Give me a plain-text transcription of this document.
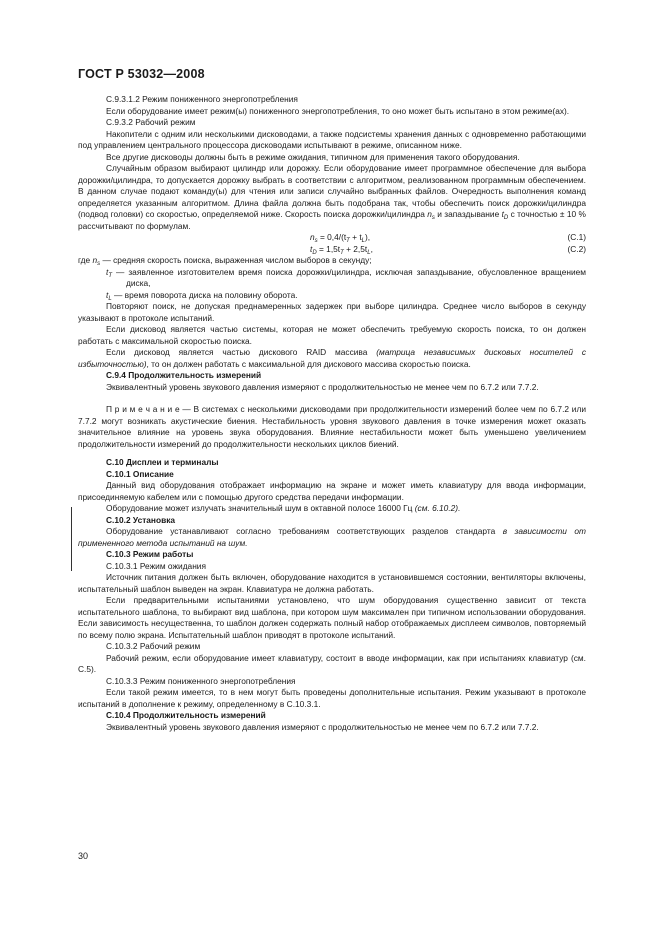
ГОСТ Р 53032—2008

C.9.3.1.2 Режим пониженного энергопотребления

Если оборудование имеет режим(ы) пониженного энергопотребления, то оно может быть испытано в этом режиме(ах).

C.9.3.2 Рабочий режим

Накопители с одним или несколькими дисководами, а также подсистемы хранения данных с одновременно работающими под управлением центрального процессора дисководами испытывают в режиме, описанном ниже.

Все другие дисководы должны быть в режиме ожидания, типичном для применения такого оборудования.

Случайным образом выбирают цилиндр или дорожку. Если оборудование имеет программное обеспечение для выбора дорожки/цилиндра, то допускается дорожку выбрать в соответствии с алгоритмом, реализованном программным обеспечением. В данном случае подают команду(ы) для чтения или записи случайно выбранных файлов. Очередность выполнения команд определяется указанным алгоритмом. Длина файла должна быть подобрана так, чтобы обеспечить поиск дорожки/цилиндра (подвод головки) со скоростью, определяемой ниже. Скорость поиска дорожки/цилиндра $n_s$ и запаздывание $t_D$ с точностью ± 10 % рассчитывают по формулам.

$n_s = 0,4/(t_T + t_L)$,	(C.1)
$t_D = 1,5t_T + 2,5t_L$,	(C.2)

где $n_s$ — средняя скорость поиска, выраженная числом выборов в секунду;

$t_T$ — заявленное изготовителем время поиска дорожки/цилиндра, исключая запаздывание, обусловленное вращением диска,

$t_L$ — время поворота диска на половину оборота.

Повторяют поиск, не допуская преднамеренных задержек при выборе цилиндра. Среднее число выборов в секунду указывают в протоколе испытаний.

Если дисковод является частью системы, которая не может обеспечить требуемую скорость поиска, то он должен работать с максимальной скоростью поиска.

Если дисковод является частью дискового RAID массива (матрица независимых дисковых носителей с избыточностью), то он должен работать с максимальной для дискового массива скоростью поиска.

C.9.4 Продолжительность измерений

Эквивалентный уровень звукового давления измеряют с продолжительностью не менее чем по 6.7.2 или 7.7.2.

П р и м е ч а н и е — В системах с несколькими дисководами при продолжительности измерений более чем по 6.7.2 или 7.7.2 могут возникать акустические биения. Нестабильность уровня звукового давления в точке измерения может оказать значительное влияние на уровень звука оборудования. Влияние нестабильности может быть уменьшено увеличением продолжительности измерений до продолжительности нескольких циклов биений.

C.10 Дисплеи и терминалы

C.10.1 Описание

Данный вид оборудования отображает информацию на экране и может иметь клавиатуру для ввода информации, присоединяемую кабелем или с помощью другого средства передачи информации.

Оборудование может излучать значительный шум в октавной полосе 16000 Гц (см. 6.10.2).

C.10.2 Установка

Оборудование устанавливают согласно требованиям соответствующих разделов стандарта в зависимости от примененного метода испытаний на шум.

C.10.3 Режим работы

C.10.3.1 Режим ожидания

Источник питания должен быть включен, оборудование находится в установившемся состоянии, вентиляторы включены, испытательный шаблон выведен на экран. Клавиатура не должна работать.

Если предварительными испытаниями установлено, что шум оборудования существенно зависит от текста испытательного шаблона, то выбирают вид шаблона, при котором шум максимален при типичном использовании оборудования. Если зависимость несущественна, то шаблон должен содержать полный набор отображаемых дисплеем символов, повторяемый по всему полю экрана. Испытательный шаблон приводят в протоколе испытаний.

C.10.3.2 Рабочий режим

Рабочий режим, если оборудование имеет клавиатуру, состоит в вводе информации, как при испытаниях клавиатур (см. C.5).

C.10.3.3 Режим пониженного энергопотребления

Если такой режим имеется, то в нем могут быть проведены дополнительные испытания. Режим указывают в протоколе испытаний в дополнение к режиму, определенному в C.10.3.1.

C.10.4 Продолжительность измерений

Эквивалентный уровень звукового давления измеряют с продолжительностью не менее чем по 6.7.2 или 7.7.2.

30
